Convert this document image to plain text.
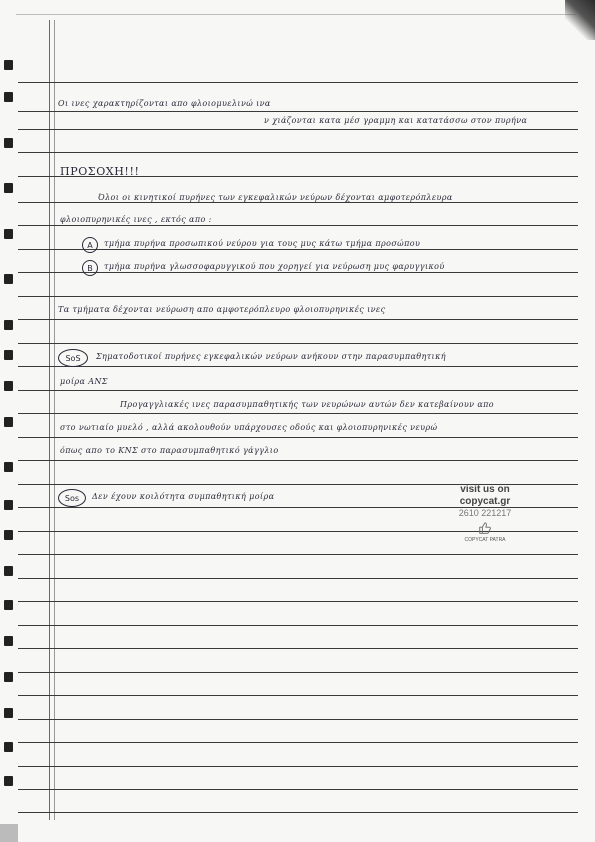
Οι ινες χαρακτηρίζονται απο φλοιομυελινώ ινα
ν χιάζονται κατα μέσ γραμμη και κατατάσσω στον πυρήνα
ΠΡΟΣΟΧΗ!!!
Όλοι οι κινητικοί πυρήνες των εγκεφαλικών νεύρων δέχονται αμφοτερόπλευρα
φλοιοπυρηνικές ινες , εκτός απο :
A	τμήμα πυρήνα προσωπικού νεύρου για τους μυς κάτω τμήμα προσώπου
B	τμήμα πυρήνα γλωσσοφαρυγγικού που χορηγεί για νεύρωση μυς φαρυγγικού
Τα τμήματα δέχονται νεύρωση απο αμφοτερόπλευρο φλοιοπυρηνικές ινες
SoS	Σηματοδοτικοί πυρήνες εγκεφαλικών νεύρων ανήκουν στην παρασυμπαθητική
μοίρα ΑΝΣ
Προγαγγλιακές ινες παρασυμπαθητικής των νευρώνων αυτών δεν κατεβαίνουν απο
στο νωτιαίο μυελό , αλλά ακολουθούν υπάρχουσες οδούς και φλοιοπυρηνικές νευρώ
όπως απο το ΚΝΣ στο παρασυμπαθητικό γάγγλιο
Sos	Δεν έχουν κοιλότητα συμπαθητική μοίρα
visit us on
copycat.gr
2610 221217
COPYCAT PATRA
